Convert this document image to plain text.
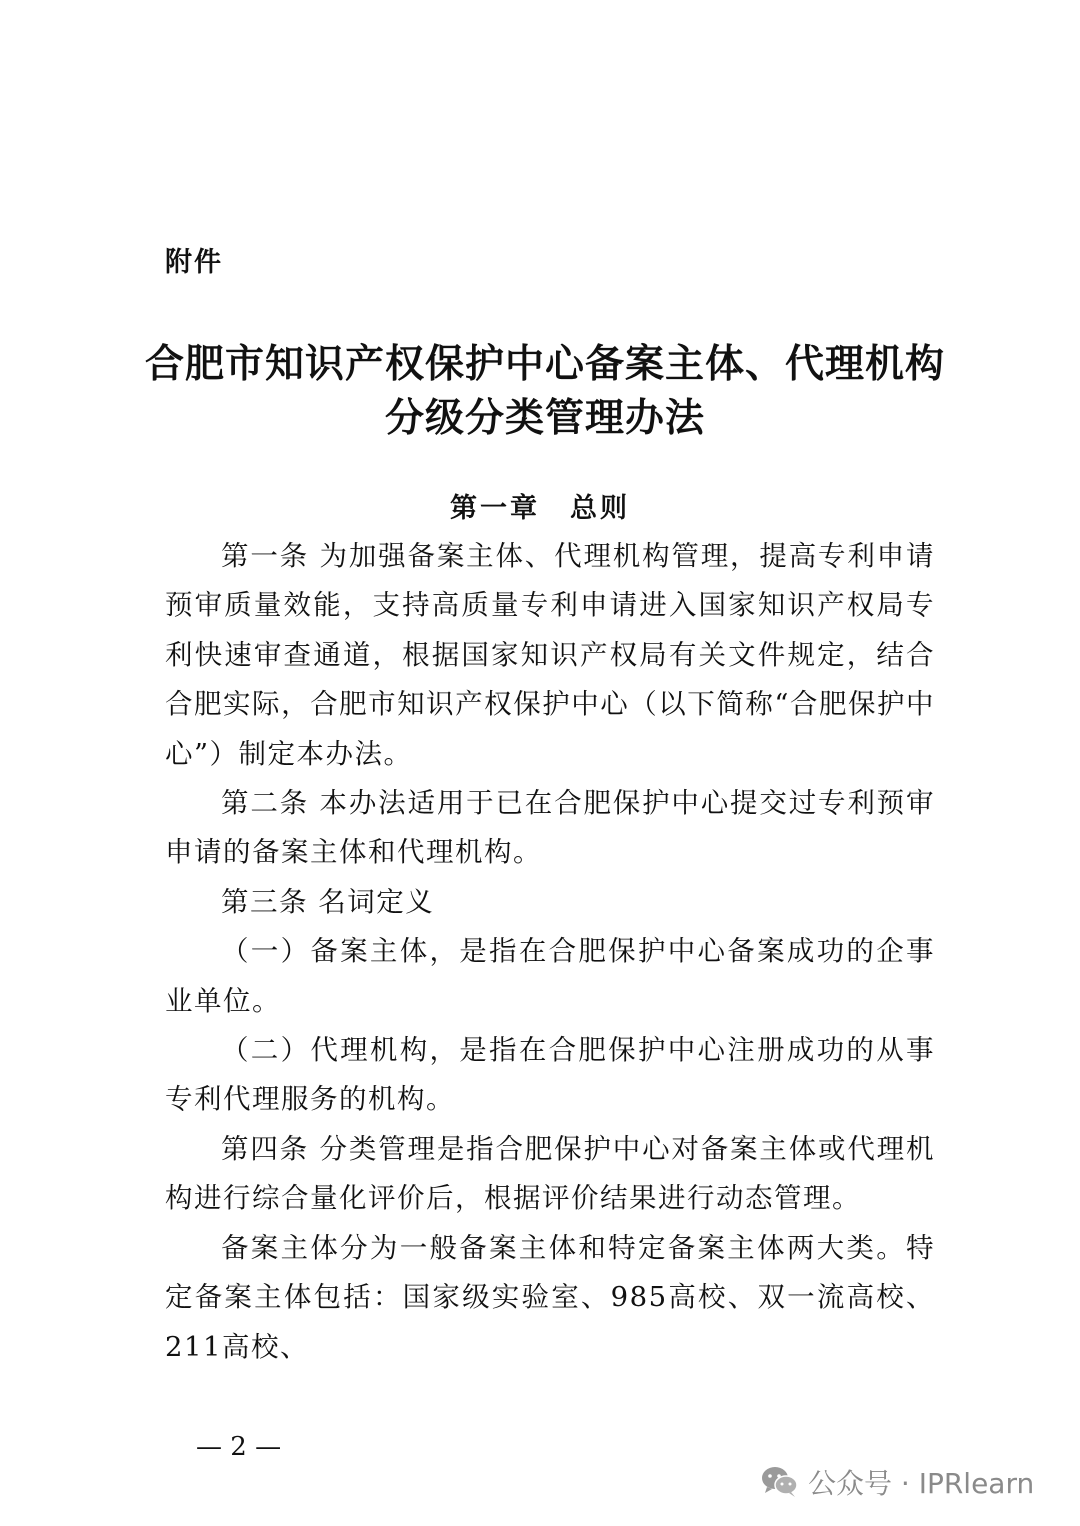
附件
合肥市知识产权保护中心备案主体、代理机构
分级分类管理办法
第一章　总则

第一条 为加强备案主体、代理机构管理，提高专利申请预审质量效能，支持高质量专利申请进入国家知识产权局专利快速审查通道，根据国家知识产权局有关文件规定，结合合肥实际，合肥市知识产权保护中心（以下简称“合肥保护中心”）制定本办法。

第二条 本办法适用于已在合肥保护中心提交过专利预审申请的备案主体和代理机构。

第三条 名词定义

（一）备案主体，是指在合肥保护中心备案成功的企事业单位。

（二）代理机构，是指在合肥保护中心注册成功的从事专利代理服务的机构。

第四条 分类管理是指合肥保护中心对备案主体或代理机构进行综合量化评价后，根据评价结果进行动态管理。

备案主体分为一般备案主体和特定备案主体两大类。特定备案主体包括：国家级实验室、985高校、双一流高校、211高校、

— 2 —
公众号 · IPRlearn
